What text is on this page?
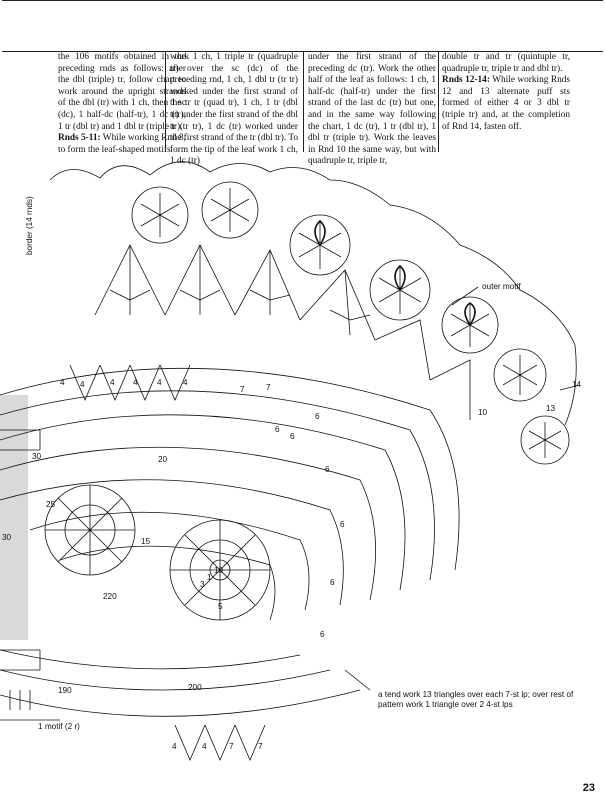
the 106 motifs obtained in the preceding rnds as follows: after the dbl (triple) tr, follow chart to work around the upright strands of the dbl (tr) with 1 ch, then 1 sc (dc), 1 half-dc (half-tr), 1 dc (tr), 1 tr (dbl tr) and 1 dbl tr (triple tr).
Rnds 5-11: While working Rnd 8, to form the leaf-shaped motifs
work 1 ch, 1 triple tr (quadruple tr) over the sc (dc) of the preceding rnd, 1 ch, 1 dbl tr (tr tr) worked under the first strand of the tr tr (quad tr), 1 ch, 1 tr (dbl tr) under the first strand of the dbl tr (tr tr), 1 dc (tr) worked under the first strand of the tr (dbl tr). To form the tip of the leaf work 1 ch, 1 dc (tr)
under the first strand of the preceding dc (tr). Work the other half of the leaf as follows: 1 ch, 1 half-dc (half-tr) under the first strand of the last dc (tr) but one, and in the same way following the chart, 1 dc (tr), 1 tr (dbl tr), 1 dbl tr (triple tr). Work the leaves in Rnd 10 the same way, but with quadruple tr, triple tr,
double tr and tr (quintuple tr, quadruple tr, triple tr and dbl tr).
Rnds 12-14: While working Rnds 12 and 13 alternate puff sts formed of either 4 or 3 dbl tr (triple tr) and, at the completion of Rnd 14, fasten off.
border (14 rnds)
outer motif
1 motif (2 r)
a tend work 13 triangles over each 7-st lp; over rest of pattern work 1 triangle over 2 4-st lps
4	4 4 4	4
7	7
4
6
6
6
6
6
6
6	10	13
14
30	20
25
15
10
220
190	200
4	4	7	7
5
3
1
30
23
